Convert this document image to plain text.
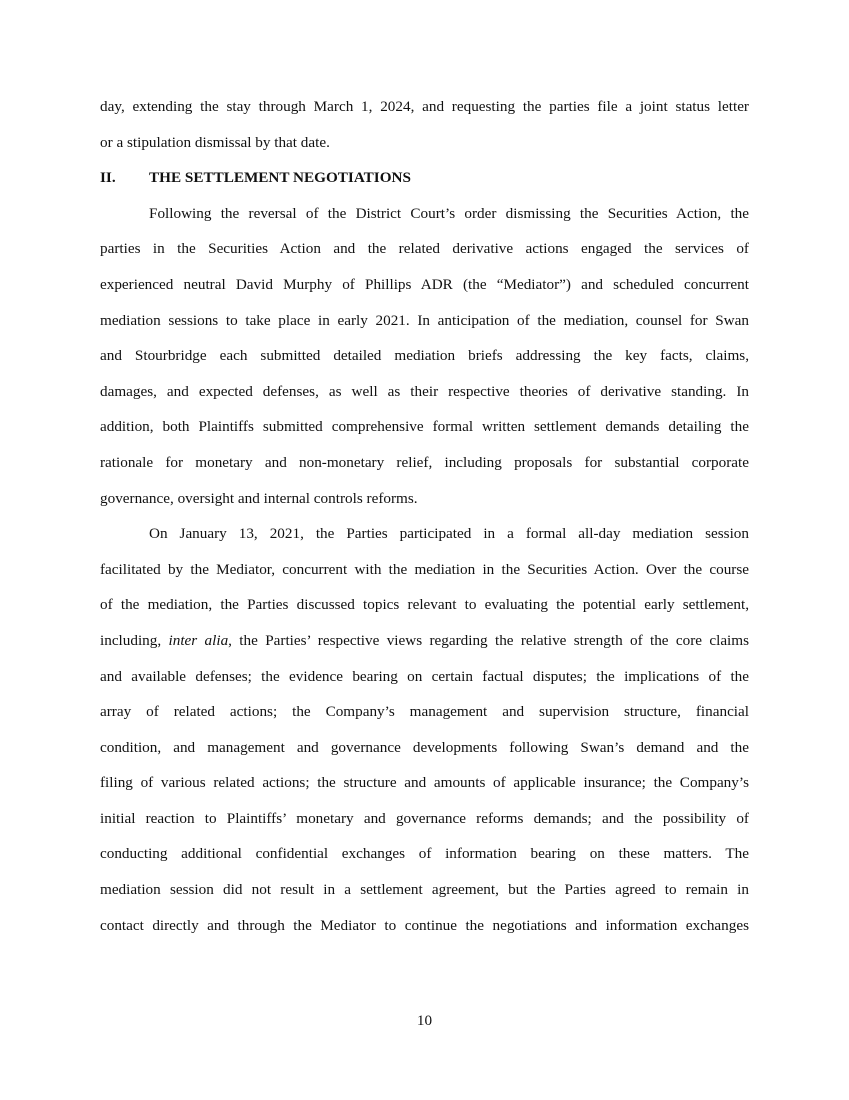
day, extending the stay through March 1, 2024, and requesting the parties file a joint status letter
or a stipulation dismissal by that date.
II. THE SETTLEMENT NEGOTIATIONS
Following the reversal of the District Court’s order dismissing the Securities Action, the
parties in the Securities Action and the related derivative actions engaged the services of
experienced neutral David Murphy of Phillips ADR (the “Mediator”) and scheduled concurrent
mediation sessions to take place in early 2021. In anticipation of the mediation, counsel for Swan
and Stourbridge each submitted detailed mediation briefs addressing the key facts, claims,
damages, and expected defenses, as well as their respective theories of derivative standing. In
addition, both Plaintiffs submitted comprehensive formal written settlement demands detailing the
rationale for monetary and non-monetary relief, including proposals for substantial corporate
governance, oversight and internal controls reforms.
On January 13, 2021, the Parties participated in a formal all-day mediation session
facilitated by the Mediator, concurrent with the mediation in the Securities Action. Over the course
of the mediation, the Parties discussed topics relevant to evaluating the potential early settlement,
including, inter alia, the Parties’ respective views regarding the relative strength of the core claims
and available defenses; the evidence bearing on certain factual disputes; the implications of the
array of related actions; the Company’s management and supervision structure, financial
condition, and management and governance developments following Swan’s demand and the
filing of various related actions; the structure and amounts of applicable insurance; the Company’s
initial reaction to Plaintiffs’ monetary and governance reforms demands; and the possibility of
conducting additional confidential exchanges of information bearing on these matters. The
mediation session did not result in a settlement agreement, but the Parties agreed to remain in
contact directly and through the Mediator to continue the negotiations and information exchanges
10
